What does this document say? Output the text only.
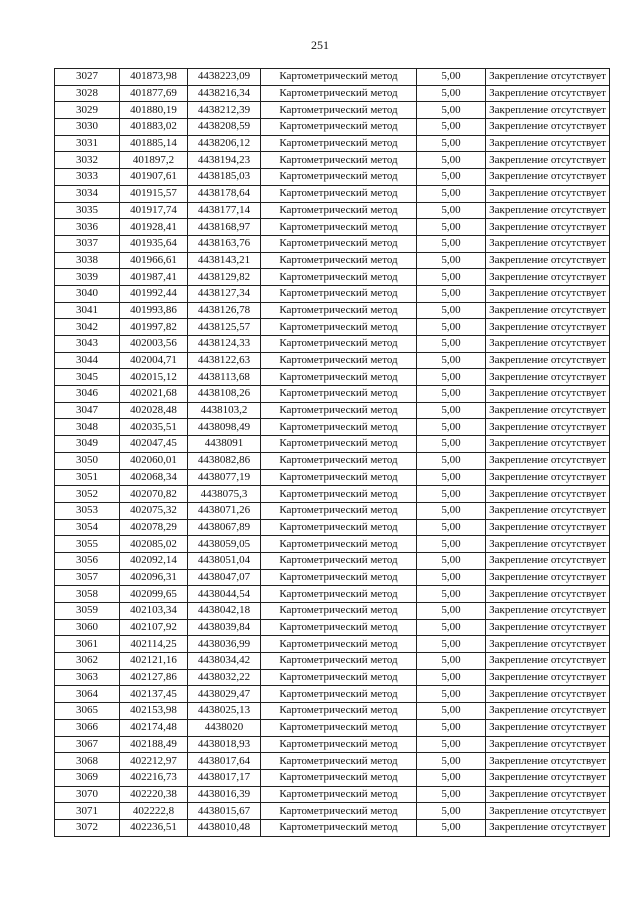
251
3027	401873,98	4438223,09	Картометрический метод	5,00	Закрепление отсутствует
3028	401877,69	4438216,34	Картометрический метод	5,00	Закрепление отсутствует
3029	401880,19	4438212,39	Картометрический метод	5,00	Закрепление отсутствует
3030	401883,02	4438208,59	Картометрический метод	5,00	Закрепление отсутствует
3031	401885,14	4438206,12	Картометрический метод	5,00	Закрепление отсутствует
3032	401897,2	4438194,23	Картометрический метод	5,00	Закрепление отсутствует
3033	401907,61	4438185,03	Картометрический метод	5,00	Закрепление отсутствует
3034	401915,57	4438178,64	Картометрический метод	5,00	Закрепление отсутствует
3035	401917,74	4438177,14	Картометрический метод	5,00	Закрепление отсутствует
3036	401928,41	4438168,97	Картометрический метод	5,00	Закрепление отсутствует
3037	401935,64	4438163,76	Картометрический метод	5,00	Закрепление отсутствует
3038	401966,61	4438143,21	Картометрический метод	5,00	Закрепление отсутствует
3039	401987,41	4438129,82	Картометрический метод	5,00	Закрепление отсутствует
3040	401992,44	4438127,34	Картометрический метод	5,00	Закрепление отсутствует
3041	401993,86	4438126,78	Картометрический метод	5,00	Закрепление отсутствует
3042	401997,82	4438125,57	Картометрический метод	5,00	Закрепление отсутствует
3043	402003,56	4438124,33	Картометрический метод	5,00	Закрепление отсутствует
3044	402004,71	4438122,63	Картометрический метод	5,00	Закрепление отсутствует
3045	402015,12	4438113,68	Картометрический метод	5,00	Закрепление отсутствует
3046	402021,68	4438108,26	Картометрический метод	5,00	Закрепление отсутствует
3047	402028,48	4438103,2	Картометрический метод	5,00	Закрепление отсутствует
3048	402035,51	4438098,49	Картометрический метод	5,00	Закрепление отсутствует
3049	402047,45	4438091	Картометрический метод	5,00	Закрепление отсутствует
3050	402060,01	4438082,86	Картометрический метод	5,00	Закрепление отсутствует
3051	402068,34	4438077,19	Картометрический метод	5,00	Закрепление отсутствует
3052	402070,82	4438075,3	Картометрический метод	5,00	Закрепление отсутствует
3053	402075,32	4438071,26	Картометрический метод	5,00	Закрепление отсутствует
3054	402078,29	4438067,89	Картометрический метод	5,00	Закрепление отсутствует
3055	402085,02	4438059,05	Картометрический метод	5,00	Закрепление отсутствует
3056	402092,14	4438051,04	Картометрический метод	5,00	Закрепление отсутствует
3057	402096,31	4438047,07	Картометрический метод	5,00	Закрепление отсутствует
3058	402099,65	4438044,54	Картометрический метод	5,00	Закрепление отсутствует
3059	402103,34	4438042,18	Картометрический метод	5,00	Закрепление отсутствует
3060	402107,92	4438039,84	Картометрический метод	5,00	Закрепление отсутствует
3061	402114,25	4438036,99	Картометрический метод	5,00	Закрепление отсутствует
3062	402121,16	4438034,42	Картометрический метод	5,00	Закрепление отсутствует
3063	402127,86	4438032,22	Картометрический метод	5,00	Закрепление отсутствует
3064	402137,45	4438029,47	Картометрический метод	5,00	Закрепление отсутствует
3065	402153,98	4438025,13	Картометрический метод	5,00	Закрепление отсутствует
3066	402174,48	4438020	Картометрический метод	5,00	Закрепление отсутствует
3067	402188,49	4438018,93	Картометрический метод	5,00	Закрепление отсутствует
3068	402212,97	4438017,64	Картометрический метод	5,00	Закрепление отсутствует
3069	402216,73	4438017,17	Картометрический метод	5,00	Закрепление отсутствует
3070	402220,38	4438016,39	Картометрический метод	5,00	Закрепление отсутствует
3071	402222,8	4438015,67	Картометрический метод	5,00	Закрепление отсутствует
3072	402236,51	4438010,48	Картометрический метод	5,00	Закрепление отсутствует
